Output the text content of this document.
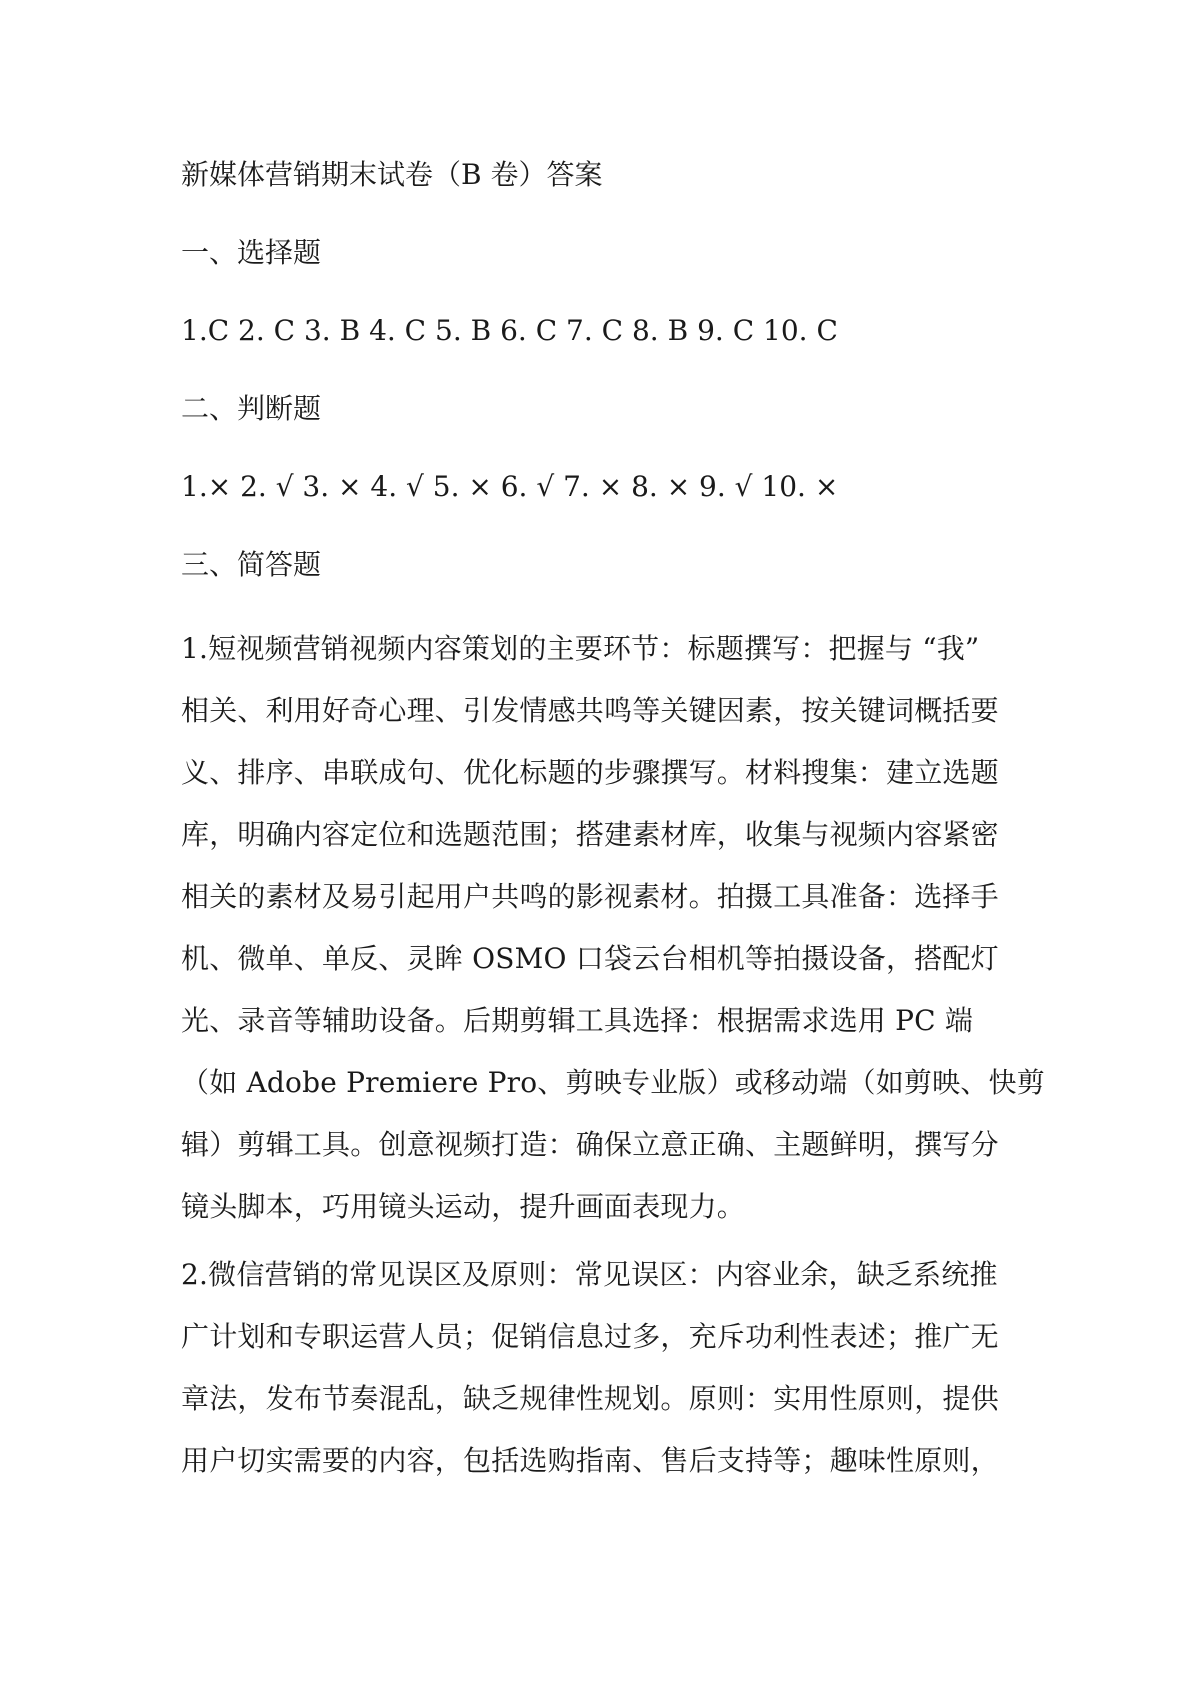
新媒体营销期末试卷（B 卷）答案
一、选择题
1.C 2. C 3. B 4. C 5. B 6. C 7. C 8. B 9. C 10. C
二、判断题
1.× 2. √ 3. × 4. √ 5. × 6. √ 7. × 8. × 9. √ 10. ×
三、简答题
1.短视频营销视频内容策划的主要环节：标题撰写：把握与 “我”
相关、利用好奇心理、引发情感共鸣等关键因素，按关键词概括要
义、排序、串联成句、优化标题的步骤撰写。材料搜集：建立选题
库，明确内容定位和选题范围；搭建素材库，收集与视频内容紧密
相关的素材及易引起用户共鸣的影视素材。拍摄工具准备：选择手
机、微单、单反、灵眸 OSMO 口袋云台相机等拍摄设备，搭配灯
光、录音等辅助设备。后期剪辑工具选择：根据需求选用 PC 端
（如 Adobe Premiere Pro、剪映专业版）或移动端（如剪映、快剪
辑）剪辑工具。创意视频打造：确保立意正确、主题鲜明，撰写分
镜头脚本，巧用镜头运动，提升画面表现力。
2.微信营销的常见误区及原则：常见误区：内容业余，缺乏系统推
广计划和专职运营人员；促销信息过多，充斥功利性表述；推广无
章法，发布节奏混乱，缺乏规律性规划。原则：实用性原则，提供
用户切实需要的内容，包括选购指南、售后支持等；趣味性原则，
